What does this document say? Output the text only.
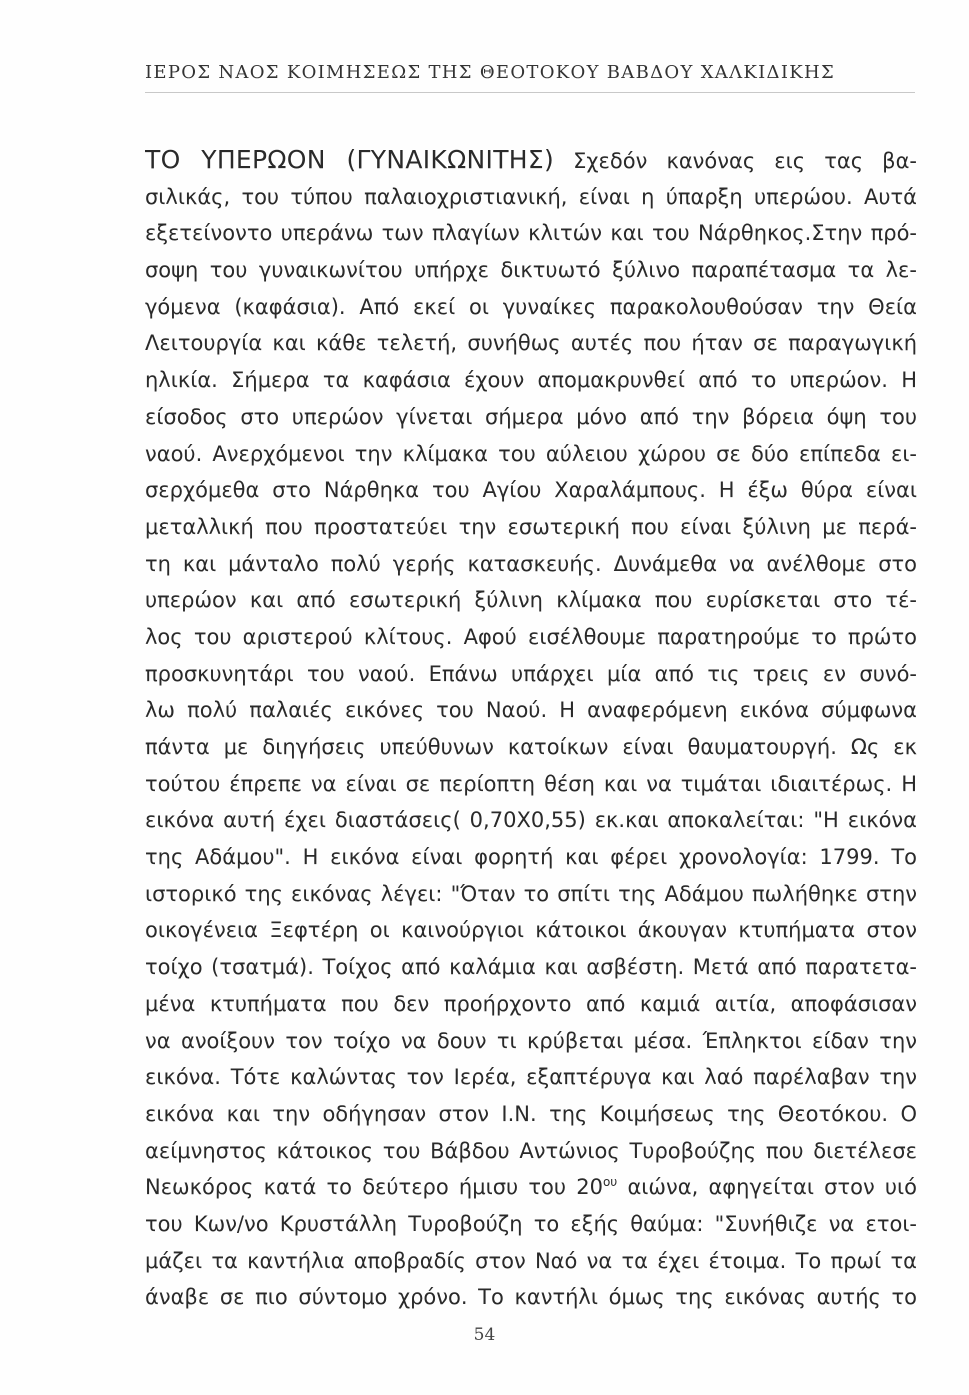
ΙΕΡΟΣ ΝΑΟΣ ΚΟΙΜΗΣΕΩΣ ΤΗΣ ΘΕΟΤΟΚΟΥ ΒΑΒΔΟΥ ΧΑΛΚΙΔΙΚΗΣ
ΤΟ ΥΠΕΡΩΟΝ (ΓΥΝΑΙΚΩΝΙΤΗΣ) Σχεδόν κανόνας εις τας βα-
σιλικάς, του τύπου παλαιοχριστιανική, είναι η ύπαρξη υπερώου. Αυτά
εξετείνοντο υπεράνω των πλαγίων κλιτών και του Νάρθηκος.Στην πρό-
σοψη του γυναικωνίτου υπήρχε δικτυωτό ξύλινο παραπέτασμα τα λε-
γόμενα (καφάσια). Από εκεί οι γυναίκες παρακολουθούσαν την Θεία
Λειτουργία και κάθε τελετή, συνήθως αυτές που ήταν σε παραγωγική
ηλικία. Σήμερα τα καφάσια έχουν απομακρυνθεί από το υπερώον. Η
είσοδος στο υπερώον γίνεται σήμερα μόνο από την βόρεια όψη του
ναού. Ανερχόμενοι την κλίμακα του αύλειου χώρου σε δύο επίπεδα ει-
σερχόμεθα στο Νάρθηκα του Αγίου Χαραλάμπους. Η έξω θύρα είναι
μεταλλική που προστατεύει την εσωτερική που είναι ξύλινη με περά-
τη και μάνταλο πολύ γερής κατασκευής. Δυνάμεθα να ανέλθομε στο
υπερώον και από εσωτερική ξύλινη κλίμακα που ευρίσκεται στο τέ-
λος του αριστερού κλίτους. Αφού εισέλθουμε παρατηρούμε το πρώτο
προσκυνητάρι του ναού. Επάνω υπάρχει μία από τις τρεις εν συνό-
λω πολύ παλαιές εικόνες του Ναού. Η αναφερόμενη εικόνα σύμφωνα
πάντα με διηγήσεις υπεύθυνων κατοίκων είναι θαυματουργή. Ως εκ
τούτου έπρεπε να είναι σε περίοπτη θέση και να τιμάται ιδιαιτέρως. Η
εικόνα αυτή έχει διαστάσεις( 0,70Χ0,55) εκ.και αποκαλείται: "Η εικόνα
της Αδάμου". Η εικόνα είναι φορητή και φέρει χρονολογία: 1799. Το
ιστορικό της εικόνας λέγει: "Όταν το σπίτι της Αδάμου πωλήθηκε στην
οικογένεια Ξεφτέρη οι καινούργιοι κάτοικοι άκουγαν κτυπήματα στον
τοίχο (τσατμά). Τοίχος από καλάμια και ασβέστη. Μετά από παρατετα-
μένα κτυπήματα που δεν προήρχοντο από καμιά αιτία, αποφάσισαν
να ανοίξουν τον τοίχο να δουν τι κρύβεται μέσα. Έπληκτοι είδαν την
εικόνα. Τότε καλώντας τον Ιερέα, εξαπτέρυγα και λαό παρέλαβαν την
εικόνα και την οδήγησαν στον Ι.Ν. της Κοιμήσεως της Θεοτόκου. Ο
αείμνηστος κάτοικος του Βάβδου Αντώνιος Τυροβούζης που διετέλεσε
Νεωκόρος κατά το δεύτερο ήμισυ του $20^{o\upsilon}$ αιώνα, αφηγείται στον υιό
του Κων/νο Κρυστάλλη Τυροβούζη το εξής θαύμα: "Συνήθιζε να ετοι-
μάζει τα καντήλια αποβραδίς στον Ναό να τα έχει έτοιμα. Το πρωί τα
άναβε σε πιο σύντομο χρόνο. Το καντήλι όμως της εικόνας αυτής το
54
